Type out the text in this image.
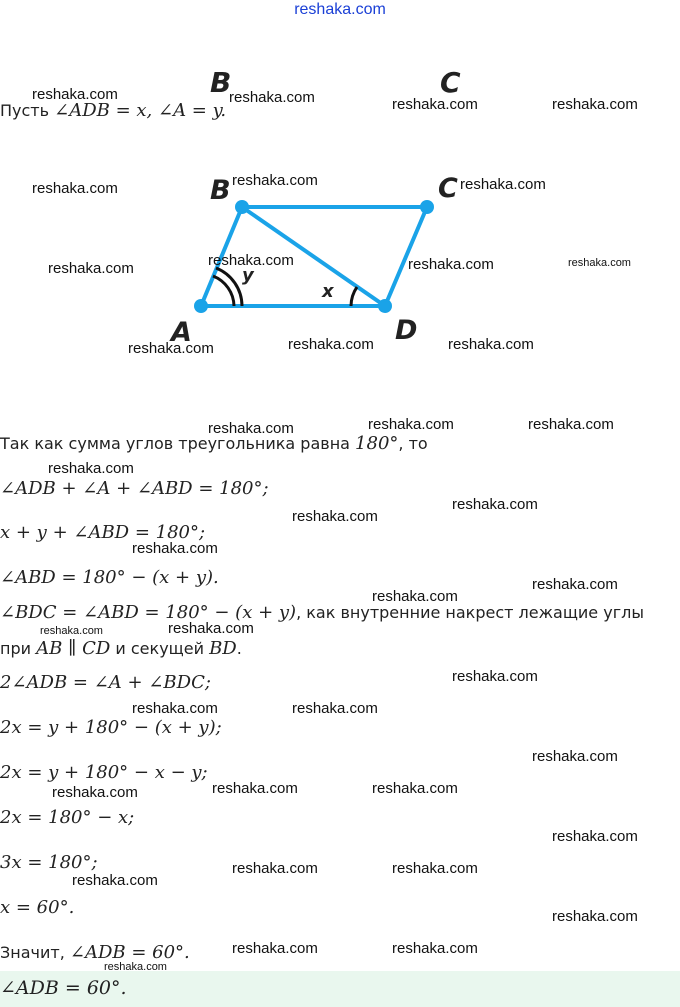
reshaka.com
B	C
Пусть ∠ADB = x, ∠A = y.
A
B	C
D
y
x
Так как сумма углов треугольника равна 180°, то
∠ADB + ∠A + ∠ABD = 180°;
x + y + ∠ABD = 180°;
∠ABD = 180° − (x + y).
∠BDC = ∠ABD = 180° − (x + y), как внутренние накрест лежащие углы
при AB ∥ CD и секущей BD.
2∠ADB = ∠A + ∠BDC;
2x = y + 180° − (x + y);
2x = y + 180° − x − y;
2x = 180° − x;
3x = 180°;
x = 60°.
Значит, ∠ADB = 60°.
∠ADB = 60°.
reshaka.com	reshaka.com	reshaka.com	reshaka.com
reshaka.com	reshaka.com	reshaka.com
reshaka.com	reshaka.com	reshaka.com	reshaka.com
reshaka.com	reshaka.com	reshaka.com
reshaka.com	reshaka.com	reshaka.com
reshaka.com
reshaka.com
reshaka.com
reshaka.com
reshaka.com
reshaka.com
reshaka.com	reshaka.com
reshaka.com
reshaka.com	reshaka.com
reshaka.com
reshaka.com	reshaka.com	reshaka.com
reshaka.com
reshaka.com	reshaka.com
reshaka.com
reshaka.com
reshaka.com	reshaka.com
reshaka.com
